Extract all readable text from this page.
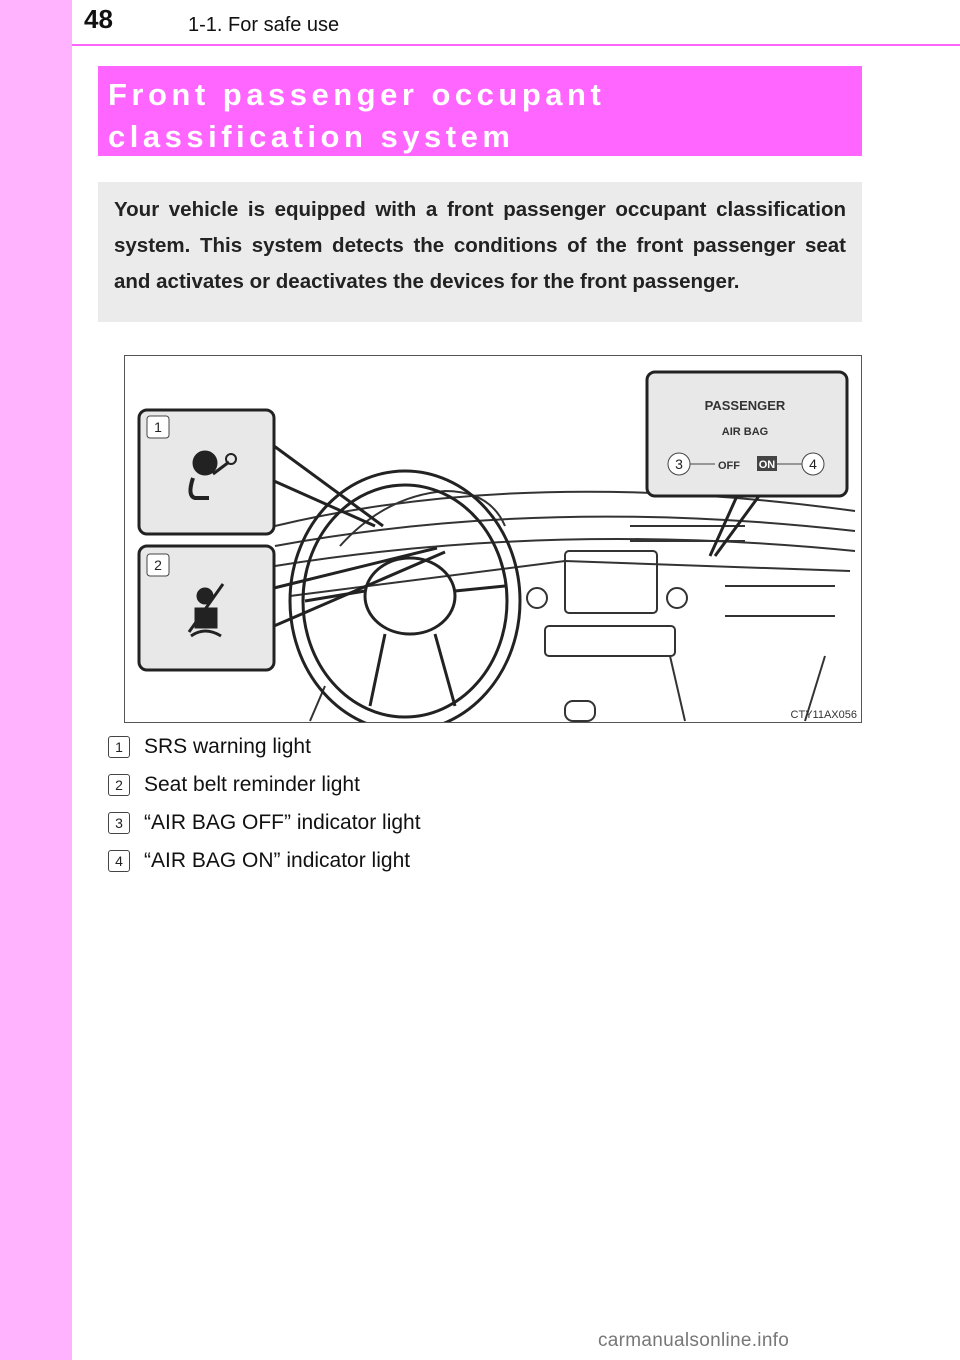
48	1-1. For safe use
Front passenger occupant classification system
Your vehicle is equipped with a front passenger occupant classification system. This system detects the conditions of the front passenger seat and activates or deactivates the devices for the front passenger.
1
2
PASSENGER
AIR BAG
3	OFF ON 4
CTY11AX056
1	SRS warning light
2	Seat belt reminder light
3	“AIR BAG OFF” indicator light
4	“AIR BAG ON” indicator light
carmanualsonline.info
